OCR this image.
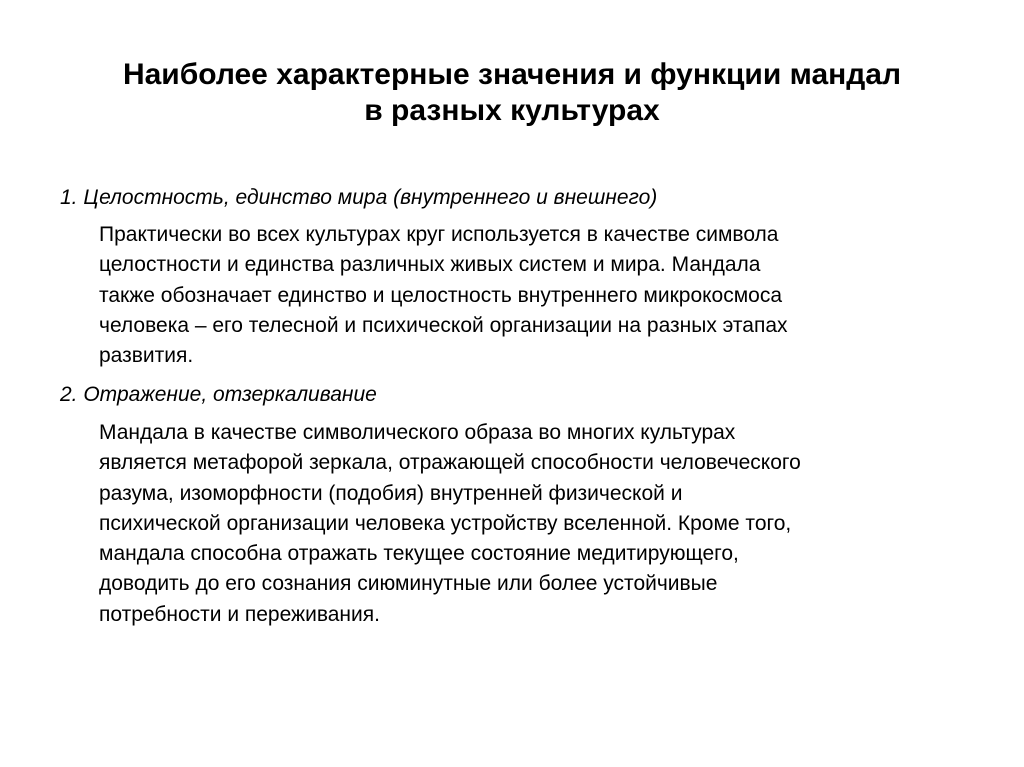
Наиболее характерные значения и функции мандал
в разных культурах

1. Целостность, единство мира (внутреннего и внешнего)

Практически во всех культурах круг используется в качестве символа
целостности и единства различных живых систем и мира. Мандала
также обозначает единство и целостность внутреннего микрокосмоса
человека – его телесной и психической организации на разных этапах
развития.

2. Отражение, отзеркаливание

Мандала в качестве символического образа во многих культурах
является метафорой зеркала, отражающей способности человеческого
разума, изоморфности (подобия) внутренней физической и
психической организации человека устройству вселенной. Кроме того,
мандала способна отражать текущее состояние медитирующего,
доводить до его сознания сиюминутные или более устойчивые
потребности и переживания.
